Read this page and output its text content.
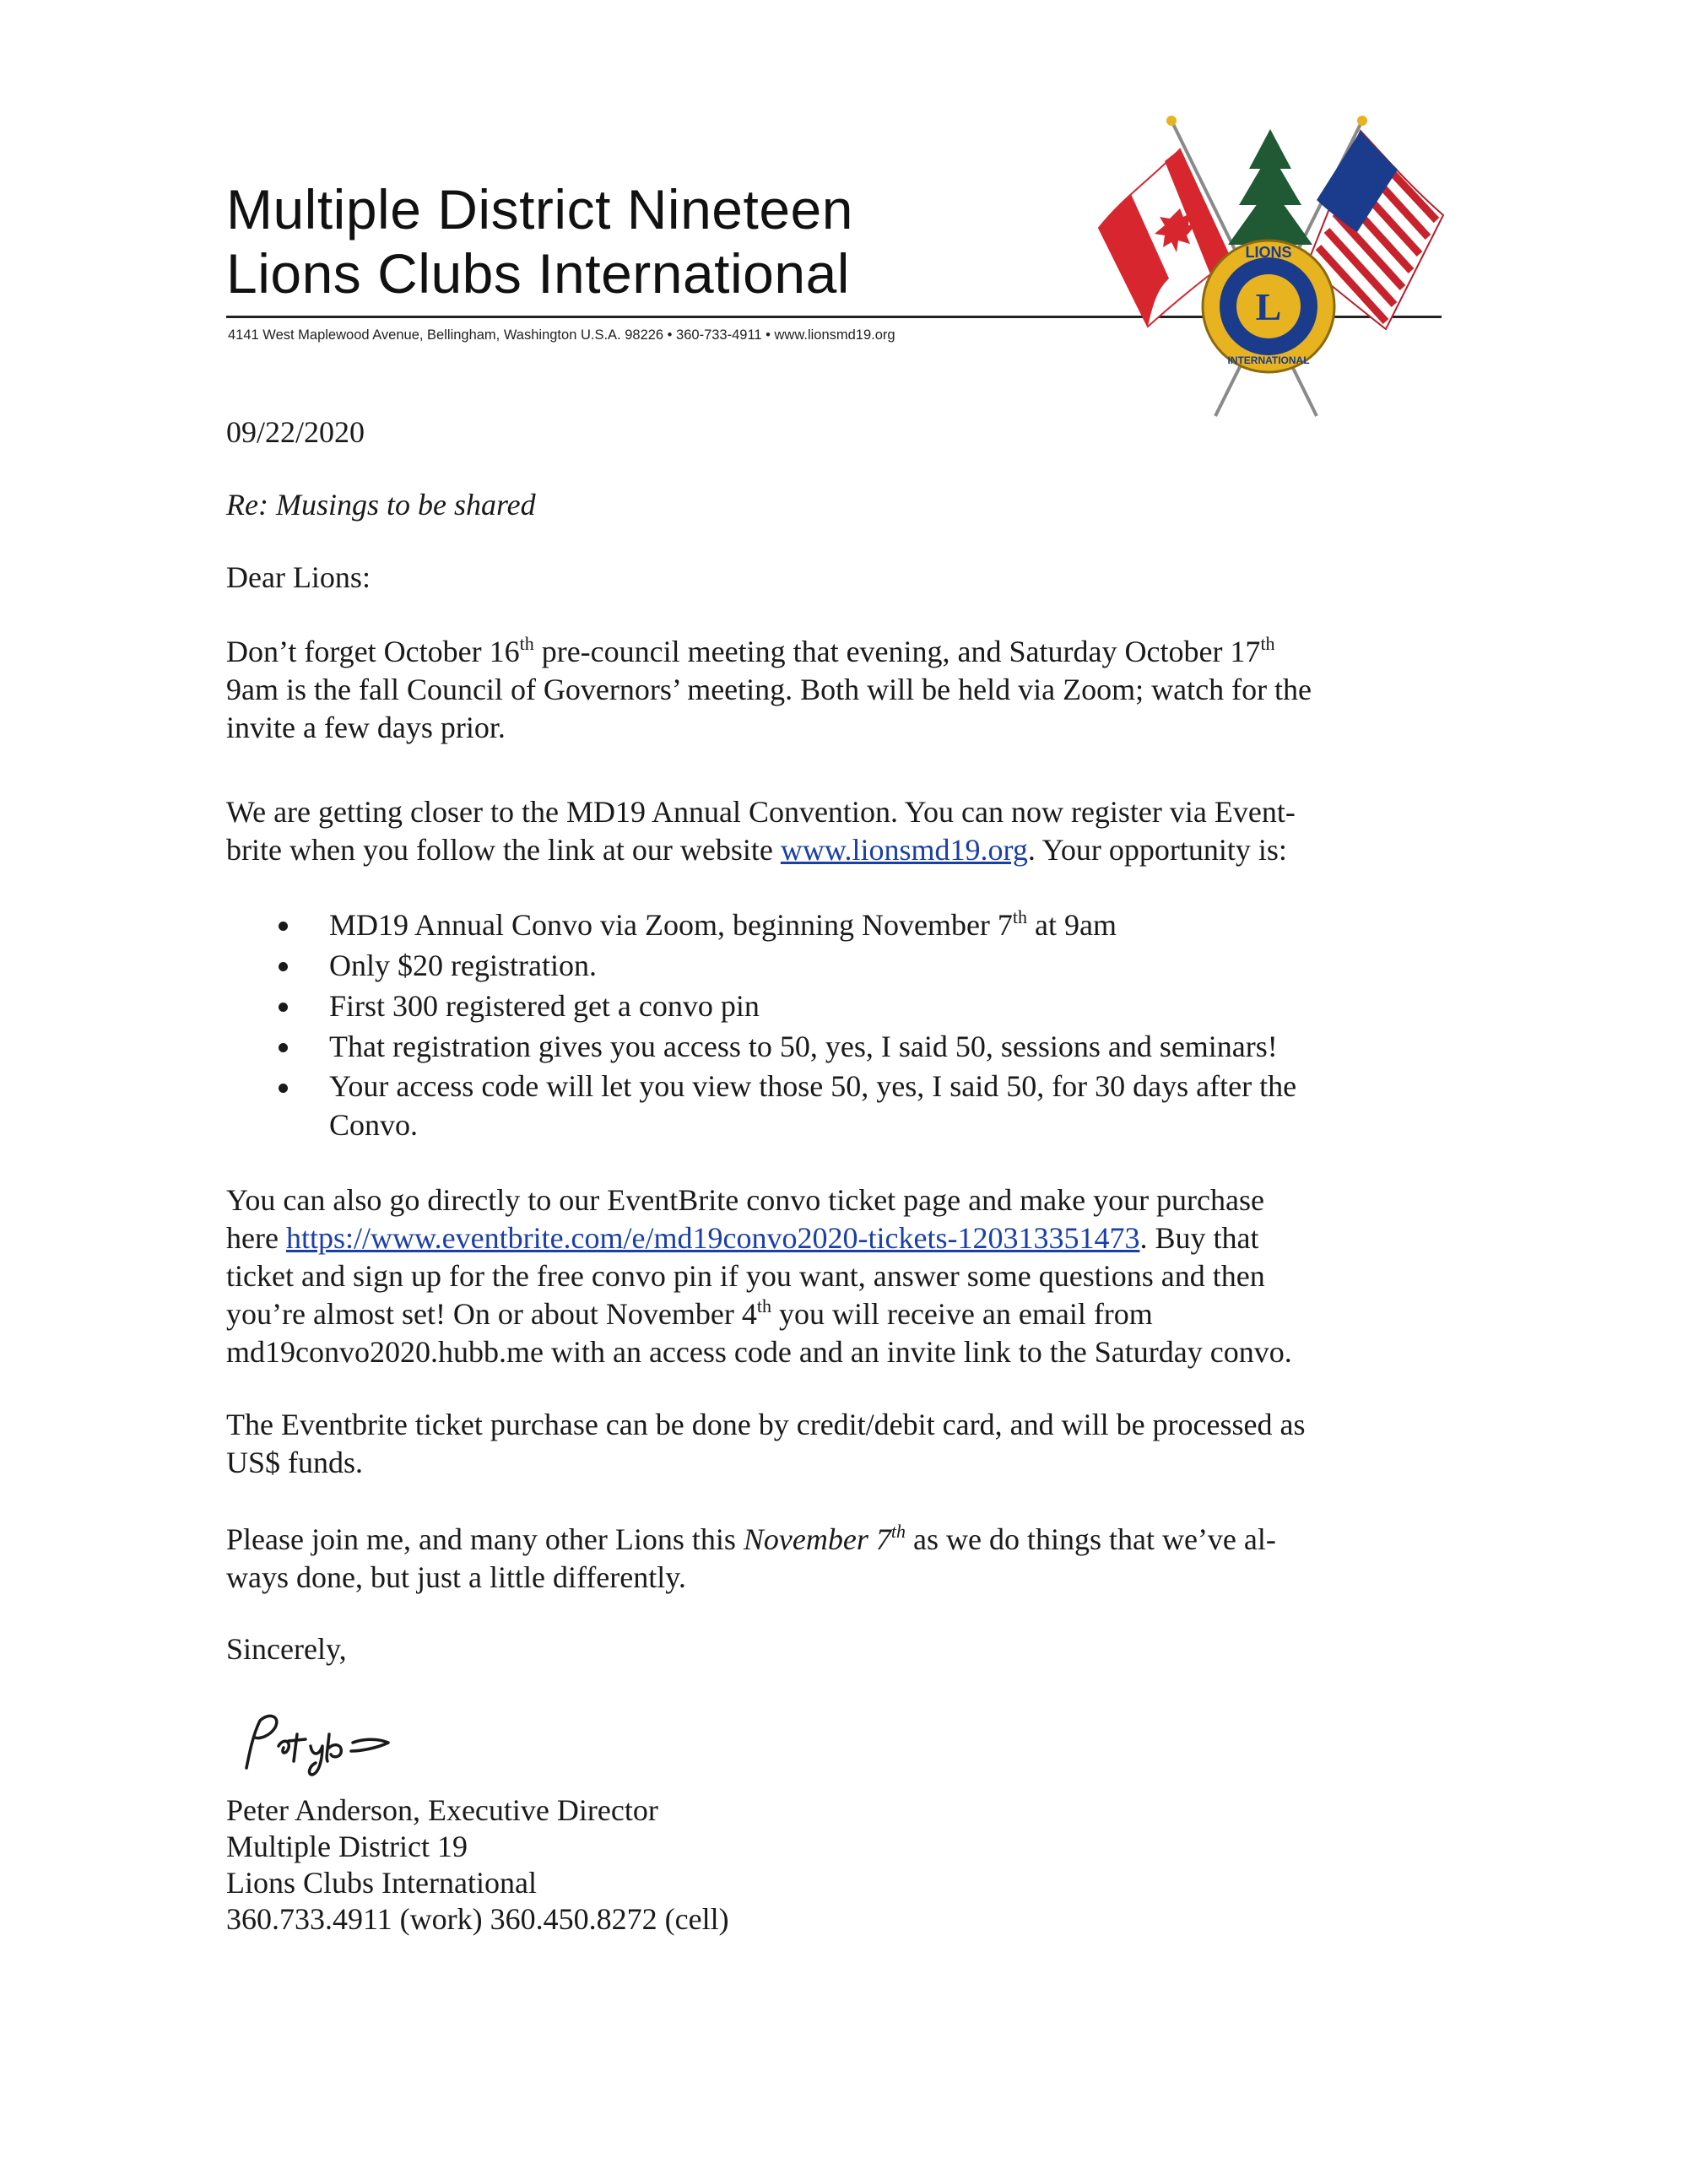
Multiple District Nineteen
Lions Clubs International
4141 West Maplewood Avenue, Bellingham, Washington U.S.A. 98226 • 360-733-4911 • www.lionsmd19.org
L
LIONS
INTERNATIONAL
09/22/2020
Re: Musings to be shared
Dear Lions:
Don’t forget October 16th pre-council meeting that evening, and Saturday October 17th
9am is the fall Council of Governors’ meeting. Both will be held via Zoom; watch for the
invite a few days prior.
We are getting closer to the MD19 Annual Convention. You can now register via Event-
brite when you follow the link at our website www.lionsmd19.org. Your opportunity is:
MD19 Annual Convo via Zoom, beginning November 7th at 9am
Only $20 registration.
First 300 registered get a convo pin
That registration gives you access to 50, yes, I said 50, sessions and seminars!
Your access code will let you view those 50, yes, I said 50, for 30 days after the
Convo.
You can also go directly to our EventBrite convo ticket page and make your purchase
here https://www.eventbrite.com/e/md19convo2020-tickets-120313351473. Buy that
ticket and sign up for the free convo pin if you want, answer some questions and then
you’re almost set! On or about November 4th you will receive an email from
md19convo2020.hubb.me with an access code and an invite link to the Saturday convo.
The Eventbrite ticket purchase can be done by credit/debit card, and will be processed as
US$ funds.
Please join me, and many other Lions this November 7th as we do things that we’ve al-
ways done, but just a little differently.
Sincerely,
Peter Anderson, Executive Director
Multiple District 19
Lions Clubs International
360.733.4911 (work) 360.450.8272 (cell)
